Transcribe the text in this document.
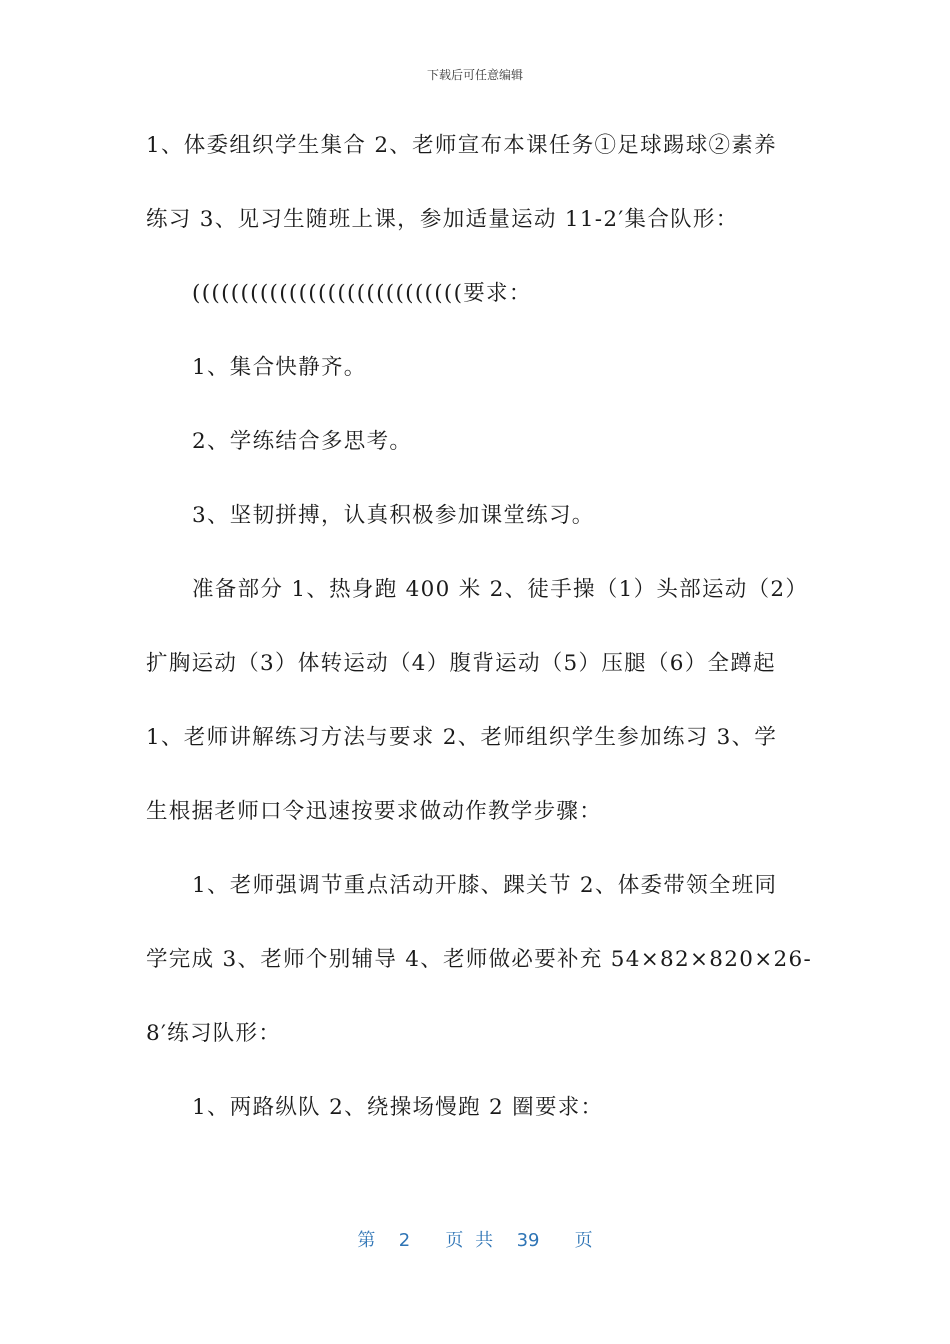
下载后可任意编辑
1、体委组织学生集合 2、老师宣布本课任务①足球踢球②素养
练习 3、见习生随班上课，参加适量运动 11-2′集合队形：
((((((((((((((((((((((((((((要求：
1、集合快静齐。
2、学练结合多思考。
3、坚韧拼搏，认真积极参加课堂练习。
准备部分 1、热身跑 400 米 2、徒手操（1）头部运动（2）
扩胸运动（3）体转运动（4）腹背运动（5）压腿（6）全蹲起
1、老师讲解练习方法与要求 2、老师组织学生参加练习 3、学
生根据老师口令迅速按要求做动作教学步骤：
1、老师强调节重点活动开膝、踝关节 2、体委带领全班同
学完成 3、老师个别辅导 4、老师做必要补充 54×82×820×26-
8′练习队形：
1、两路纵队 2、绕操场慢跑 2 圈要求：
第  2   页 共  39   页
